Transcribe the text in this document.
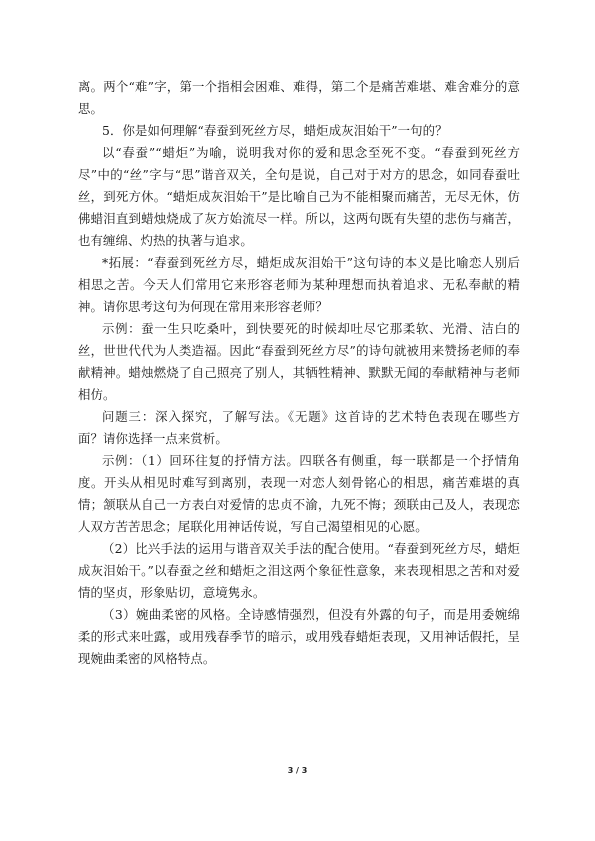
离。两个“难”字，第一个指相会困难、难得，第二个是痛苦难堪、难舍难分的意思。

5．你是如何理解“春蚕到死丝方尽，蜡炬成灰泪始干”一句的？

以“春蚕”“蜡炬”为喻，说明我对你的爱和思念至死不变。“春蚕到死丝方尽”中的“丝”字与“思”谐音双关，全句是说，自己对于对方的思念，如同春蚕吐丝，到死方休。“蜡炬成灰泪始干”是比喻自己为不能相聚而痛苦，无尽无休，仿佛蜡泪直到蜡烛烧成了灰方始流尽一样。所以，这两句既有失望的悲伤与痛苦，也有缠绵、灼热的执著与追求。

*拓展：“春蚕到死丝方尽，蜡炬成灰泪始干”这句诗的本义是比喻恋人别后相思之苦。今天人们常用它来形容老师为某种理想而执着追求、无私奉献的精神。请你思考这句为何现在常用来形容老师？

示例：蚕一生只吃桑叶，到快要死的时候却吐尽它那柔软、光滑、洁白的丝，世世代代为人类造福。因此“春蚕到死丝方尽”的诗句就被用来赞扬老师的奉献精神。蜡烛燃烧了自己照亮了别人，其牺牲精神、默默无闻的奉献精神与老师相仿。

问题三：深入探究，了解写法。《无题》这首诗的艺术特色表现在哪些方面？请你选择一点来赏析。

示例：（1）回环往复的抒情方法。四联各有侧重，每一联都是一个抒情角度。开头从相见时难写到离别，表现一对恋人刻骨铭心的相思，痛苦难堪的真情；颔联从自己一方表白对爱情的忠贞不渝，九死不悔；颈联由己及人，表现恋人双方苦苦思念；尾联化用神话传说，写自己渴望相见的心愿。

（2）比兴手法的运用与谐音双关手法的配合使用。“春蚕到死丝方尽，蜡炬成灰泪始干。”以春蚕之丝和蜡炬之泪这两个象征性意象，来表现相思之苦和对爱情的坚贞，形象贴切，意境隽永。

（3）婉曲柔密的风格。全诗感情强烈，但没有外露的句子，而是用委婉绵柔的形式来吐露，或用残春季节的暗示，或用残春蜡炬表现，又用神话假托，呈现婉曲柔密的风格特点。

3 / 3
